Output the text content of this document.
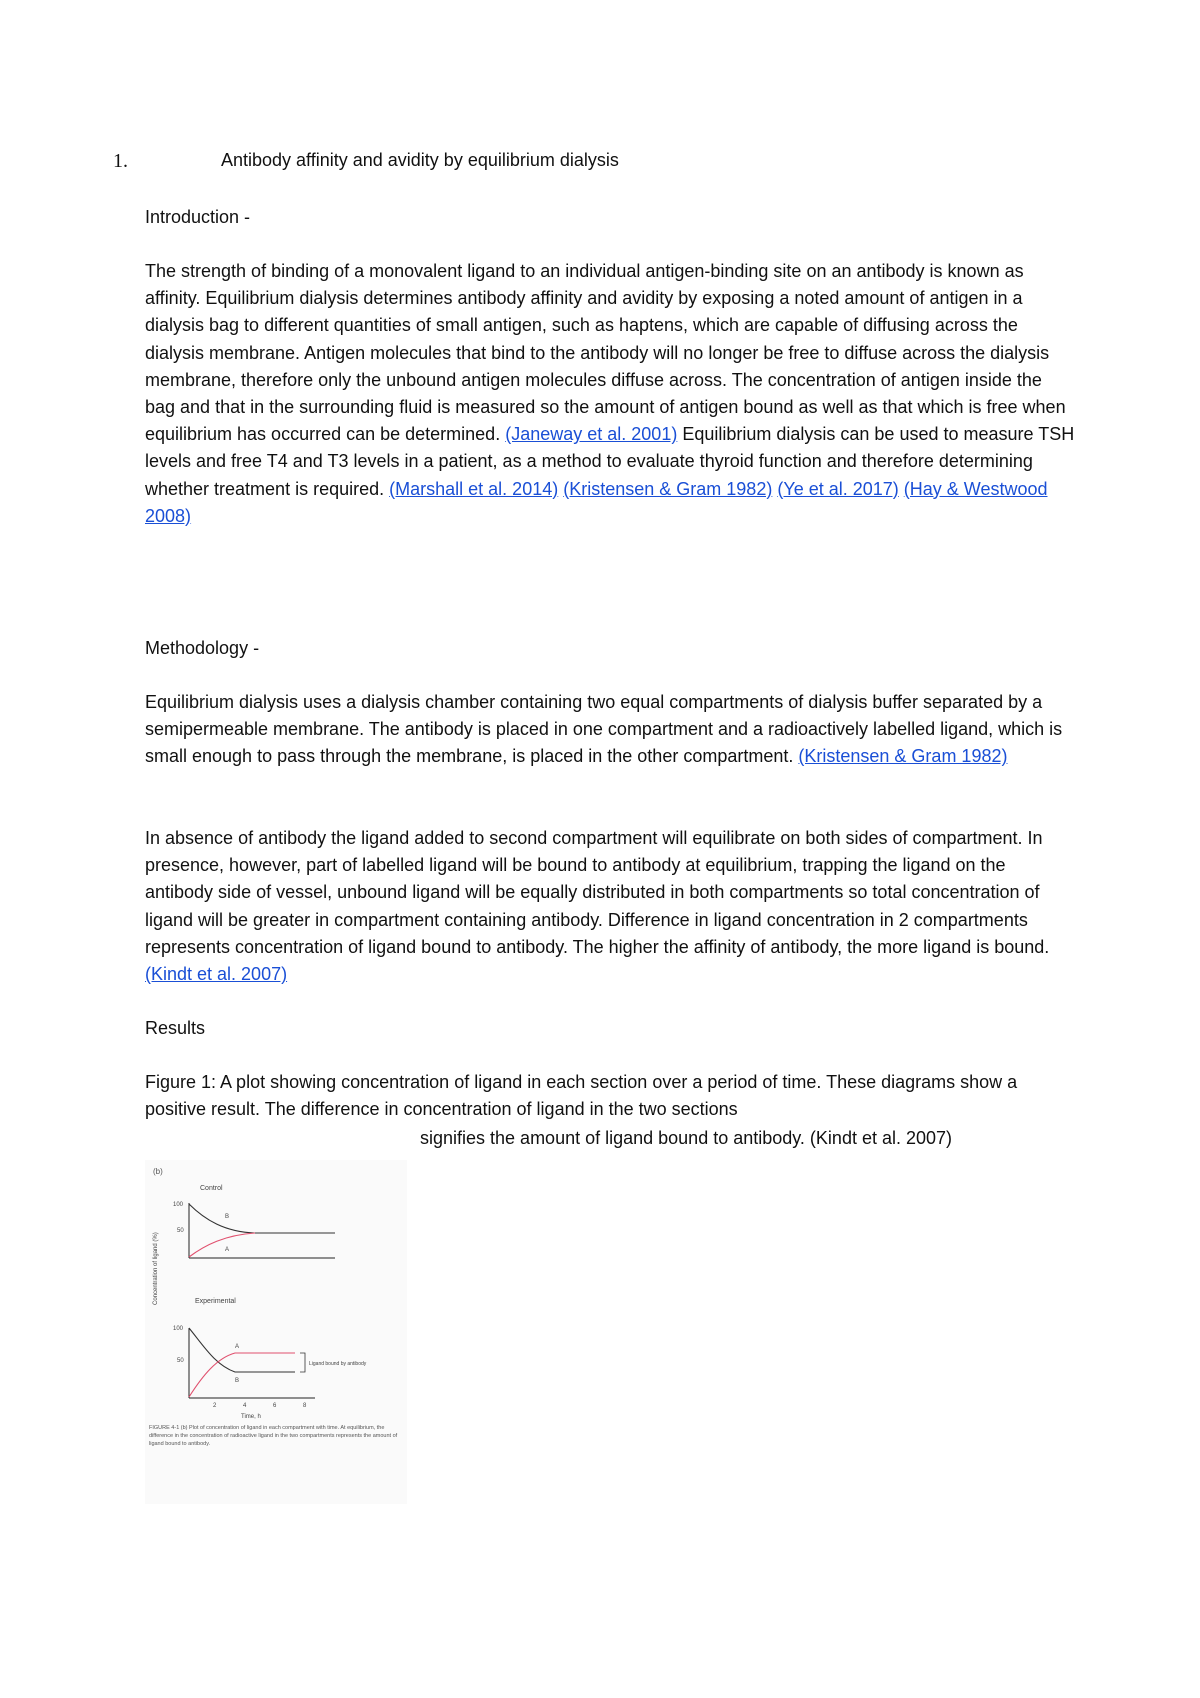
1.	Antibody affinity and avidity by equilibrium dialysis
Introduction -
The strength of binding of a monovalent ligand to an individual antigen-binding site on an antibody is known as affinity. Equilibrium dialysis determines antibody affinity and avidity by exposing a noted amount of antigen in a dialysis bag to different quantities of small antigen, such as haptens, which are capable of diffusing across the dialysis membrane. Antigen molecules that bind to the antibody will no longer be free to diffuse across the dialysis membrane, therefore only the unbound antigen molecules diffuse across. The concentration of antigen inside the bag and that in the surrounding fluid is measured so the amount of antigen bound as well as that which is free when equilibrium has occurred can be determined. (Janeway et al. 2001) Equilibrium dialysis can be used to measure TSH levels and free T4 and T3 levels in a patient, as a method to evaluate thyroid function and therefore determining whether treatment is required. (Marshall et al. 2014) (Kristensen & Gram 1982) (Ye et al. 2017) (Hay & Westwood 2008)
Methodology -
Equilibrium dialysis uses a dialysis chamber containing two equal compartments of dialysis buffer separated by a semipermeable membrane. The antibody is placed in one compartment and a radioactively labelled ligand, which is small enough to pass through the membrane, is placed in the other compartment. (Kristensen & Gram 1982)
In absence of antibody the ligand added to second compartment will equilibrate on both sides of compartment. In presence, however, part of labelled ligand will be bound to antibody at equilibrium, trapping the ligand on the antibody side of vessel, unbound ligand will be equally distributed in both compartments so total concentration of ligand will be greater in compartment containing antibody. Difference in ligand concentration in 2 compartments represents concentration of ligand bound to antibody. The higher the affinity of antibody, the more ligand is bound. (Kindt et al. 2007)
Results
Figure 1: A plot showing concentration of ligand in each section over a period of time. These diagrams show a positive result. The difference in concentration of ligand in the two sections
signifies the amount of ligand bound to antibody. (Kindt et al. 2007)
(b)
Control
100
50
B
A
Concentration of ligand (%)	Experimental
100
50
A
B
Ligand bound by antibody
2	4	6	8
Time, h
FIGURE 4-1 (b) Plot of concentration of ligand in each compartment with time. At equilibrium, the difference in the concentration of radioactive ligand in the two compartments represents the amount of ligand bound to antibody.
